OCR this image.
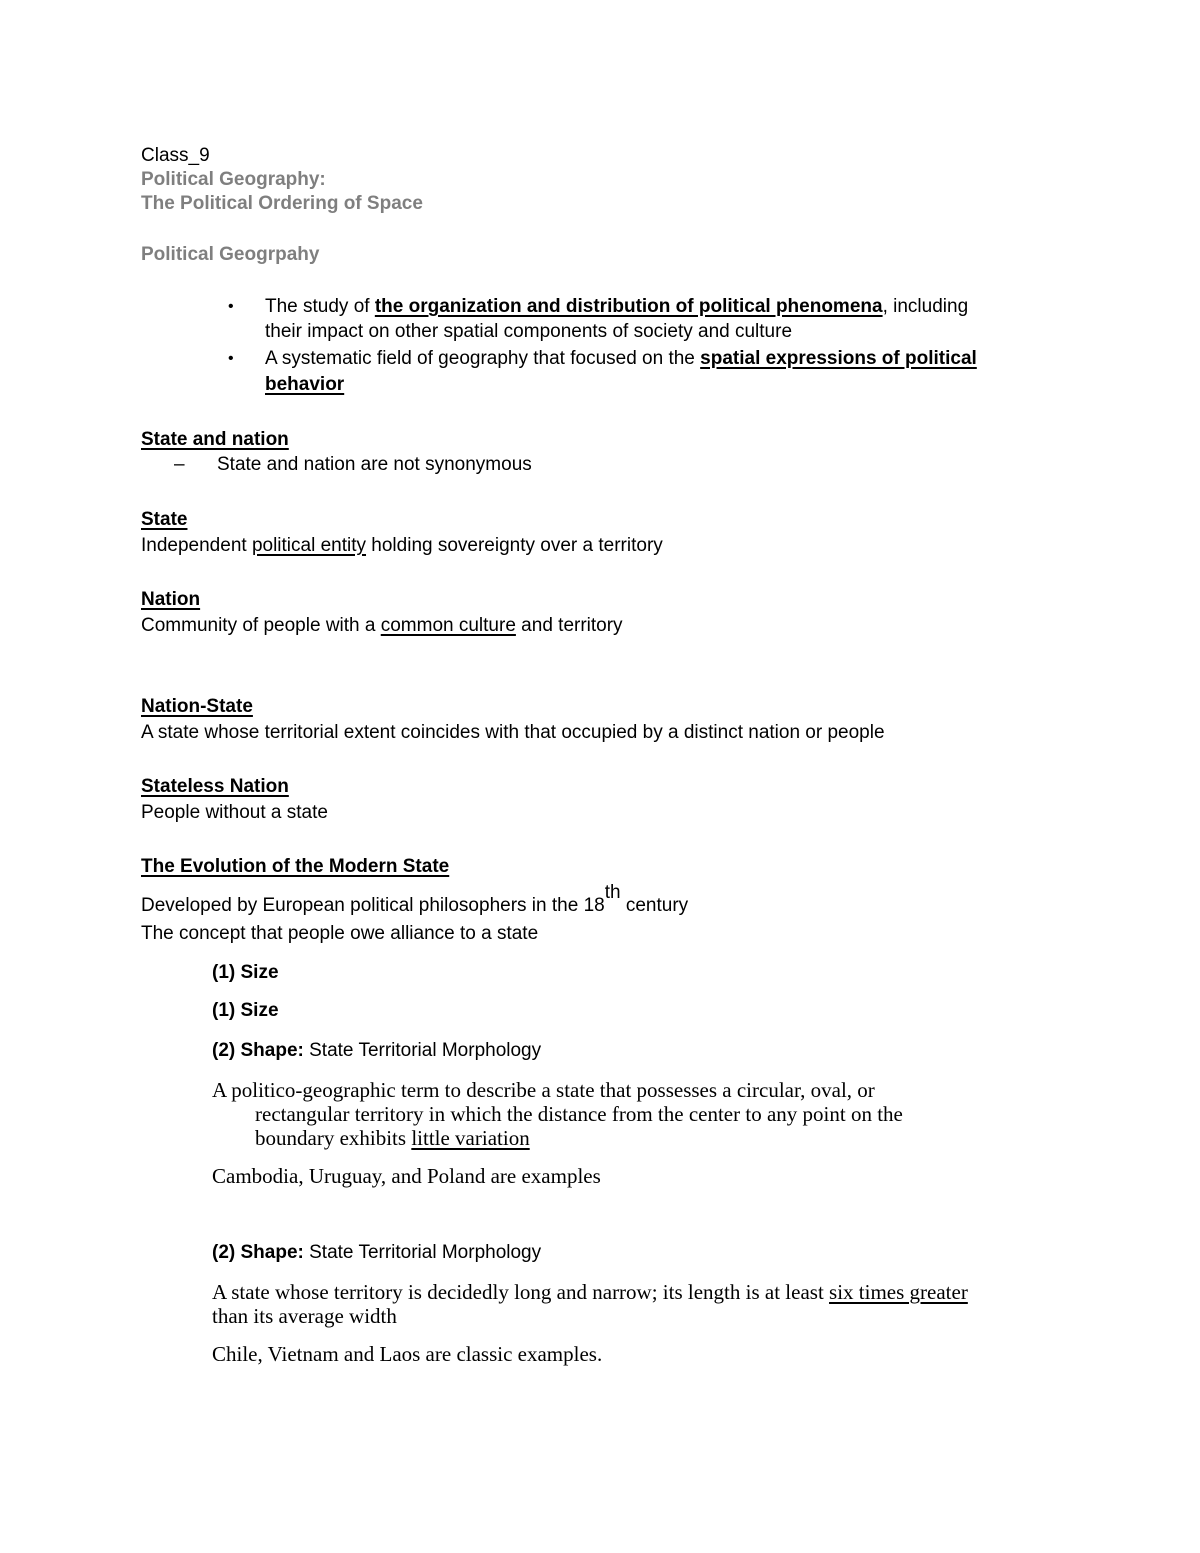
Class_9
Political Geography:
The Political Ordering of Space
Political Geogrpahy
• The study of the organization and distribution of political phenomena, including
their impact on other spatial components of society and culture
• A systematic field of geography that focused on the spatial expressions of political
behavior
State and nation
– State and nation are not synonymous
State
Independent political entity holding sovereignty over a territory
Nation
Community of people with a common culture and territory
Nation-State
A state whose territorial extent coincides with that occupied by a distinct nation or people
Stateless Nation
People without a state
The Evolution of the Modern State
Developed by European political philosophers in the 18th century
The concept that people owe alliance to a state
(1) Size
(1) Size
(2) Shape: State Territorial Morphology
A politico-geographic term to describe a state that possesses a circular, oval, or
rectangular territory in which the distance from the center to any point on the
boundary exhibits little variation
Cambodia, Uruguay, and Poland are examples
(2) Shape: State Territorial Morphology
A state whose territory is decidedly long and narrow; its length is at least six times greater
than its average width
Chile, Vietnam and Laos are classic examples.
